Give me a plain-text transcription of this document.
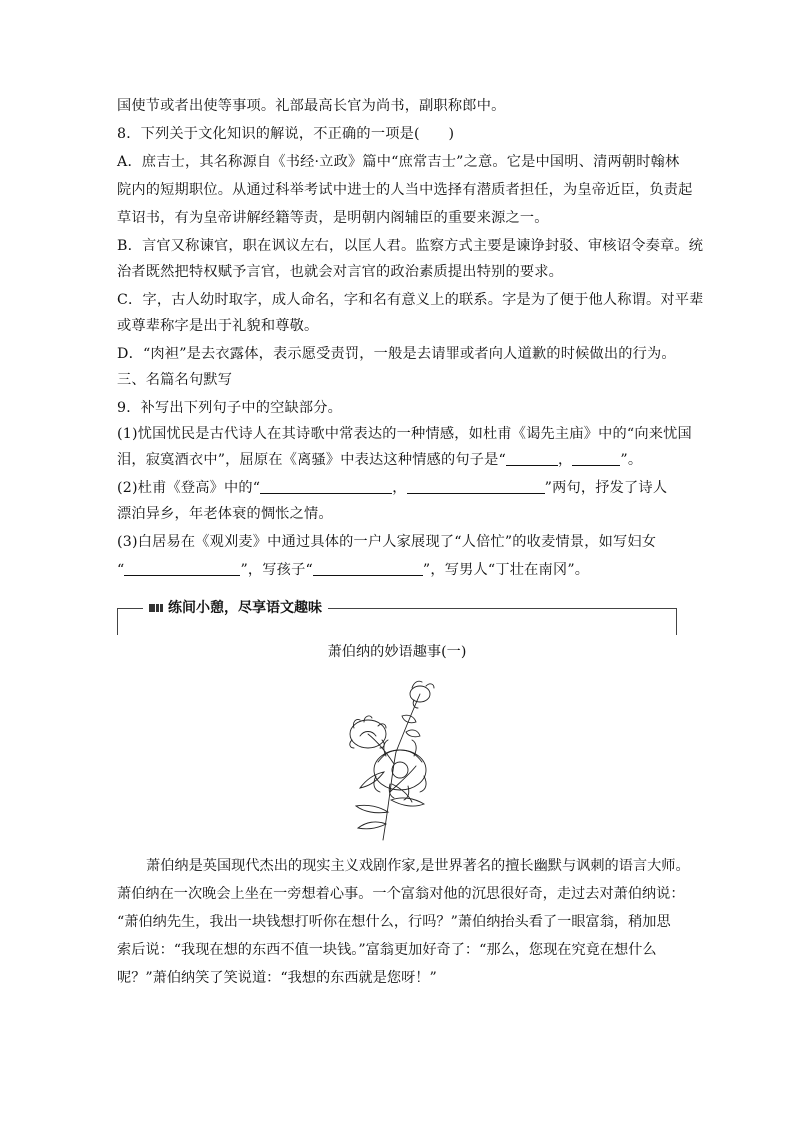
国使节或者出使等事项。礼部最高长官为尚书，副职称郎中。
8．下列关于文化知识的解说，不正确的一项是(　　)
A．庶吉士，其名称源自《书经·立政》篇中“庶常吉士”之意。它是中国明、清两朝时翰林
院内的短期职位。从通过科举考试中进士的人当中选择有潜质者担任，为皇帝近臣，负责起
草诏书，有为皇帝讲解经籍等责，是明朝内阁辅臣的重要来源之一。
B．言官又称谏官，职在讽议左右，以匡人君。监察方式主要是谏诤封驳、审核诏令奏章。统
治者既然把特权赋予言官，也就会对言官的政治素质提出特别的要求。
C．字，古人幼时取字，成人命名，字和名有意义上的联系。字是为了便于他人称谓。对平辈
或尊辈称字是出于礼貌和尊敬。
D．“肉袒”是去衣露体，表示愿受责罚，一般是去请罪或者向人道歉的时候做出的行为。
三、名篇名句默写
9．补写出下列句子中的空缺部分。
(1)忧国忧民是古代诗人在其诗歌中常表达的一种情感，如杜甫《谒先主庙》中的“向来忧国
泪，寂寞酒衣中”，屈原在《离骚》中表达这种情感的句子是“	，	”。
(2)杜甫《登高》中的“	，	”两句，抒发了诗人
漂泊异乡，年老体衰的惆怅之情。
(3)白居易在《观刈麦》中通过具体的一户人家展现了“人倍忙”的收麦情景，如写妇女
“	”，写孩子“	”，写男人“丁壮在南冈”。
练间小憩，尽享语文趣味
萧伯纳的妙语趣事(一)
萧伯纳是英国现代杰出的现实主义戏剧作家,是世界著名的擅长幽默与讽刺的语言大师。
萧伯纳在一次晚会上坐在一旁想着心事。一个富翁对他的沉思很好奇，走过去对萧伯纳说：
“萧伯纳先生，我出一块钱想打听你在想什么，行吗？”萧伯纳抬头看了一眼富翁，稍加思
索后说：“我现在想的东西不值一块钱。”富翁更加好奇了：“那么，您现在究竟在想什么
呢？”萧伯纳笑了笑说道：“我想的东西就是您呀！”
